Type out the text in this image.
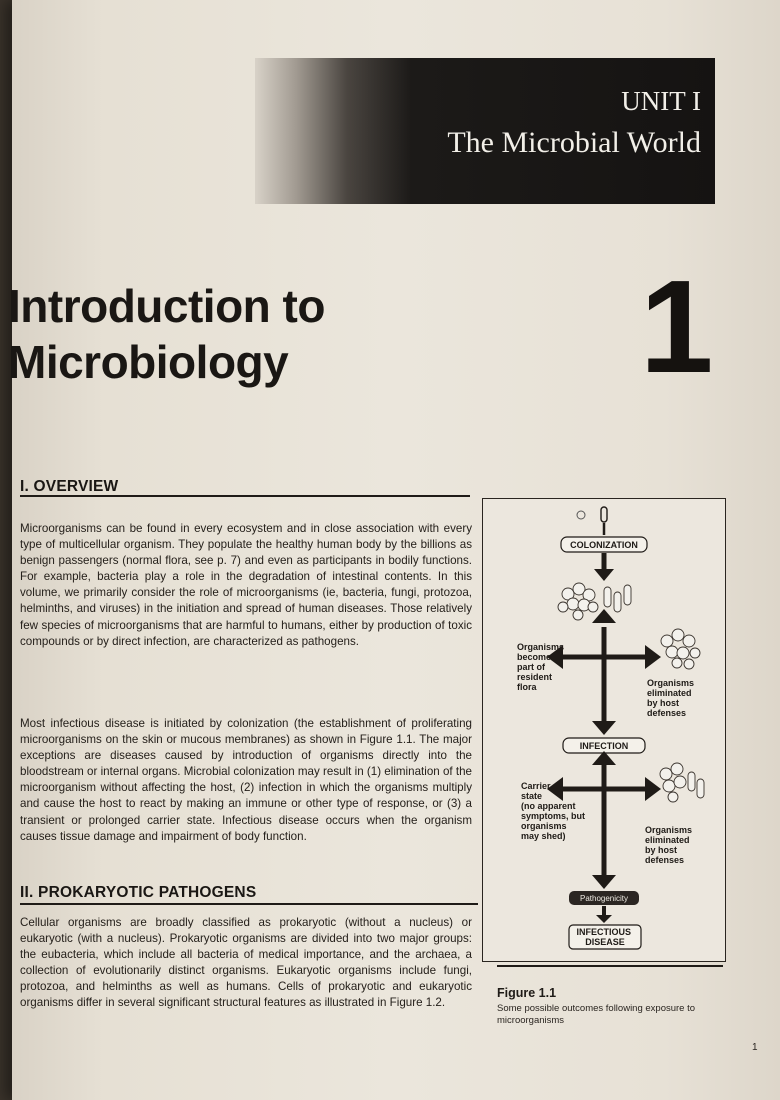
UNIT I
The Microbial World
Introduction to
Microbiology	1
I. OVERVIEW
Microorganisms can be found in every ecosystem and in close association with every type of multicellular organism. They populate the healthy human body by the billions as benign passengers (normal flora, see p. 7) and even as participants in bodily functions. For example, bacteria play a role in the degradation of intestinal contents. In this volume, we primarily consider the role of microorganisms (ie, bacteria, fungi, protozoa, helminths, and viruses) in the initiation and spread of human diseases. Those relatively few species of microorganisms that are harmful to humans, either by production of toxic compounds or by direct infection, are characterized as pathogens.
Most infectious disease is initiated by colonization (the establishment of proliferating microorganisms on the skin or mucous membranes) as shown in Figure 1.1. The major exceptions are diseases caused by introduction of organisms directly into the bloodstream or internal organs. Microbial colonization may result in (1) elimination of the microorganism without affecting the host, (2) infection in which the organisms multiply and cause the host to react by making an immune or other type of response, or (3) a transient or prolonged carrier state. Infectious disease occurs when the organism causes tissue damage and impairment of body function.
II. PROKARYOTIC PATHOGENS
Cellular organisms are broadly classified as prokaryotic (without a nucleus) or eukaryotic (with a nucleus). Prokaryotic organisms are divided into two major groups: the eubacteria, which include all bacteria of medical importance, and the archaea, a collection of evolutionarily distinct organisms. Eukaryotic organisms include fungi, protozoa, and helminths as well as humans. Cells of prokaryotic and eukaryotic organisms differ in several significant structural features as illustrated in Figure 1.2.
COLONIZATION
Organisms become part of resident flora	Organisms eliminated by host defenses
INFECTION
Carrier state (no apparent symptoms, but organisms may shed)
Organisms eliminated by host defenses
Pathogenicity
INFECTIOUS DISEASE
Figure 1.1
Some possible outcomes following exposure to microorganisms
1
